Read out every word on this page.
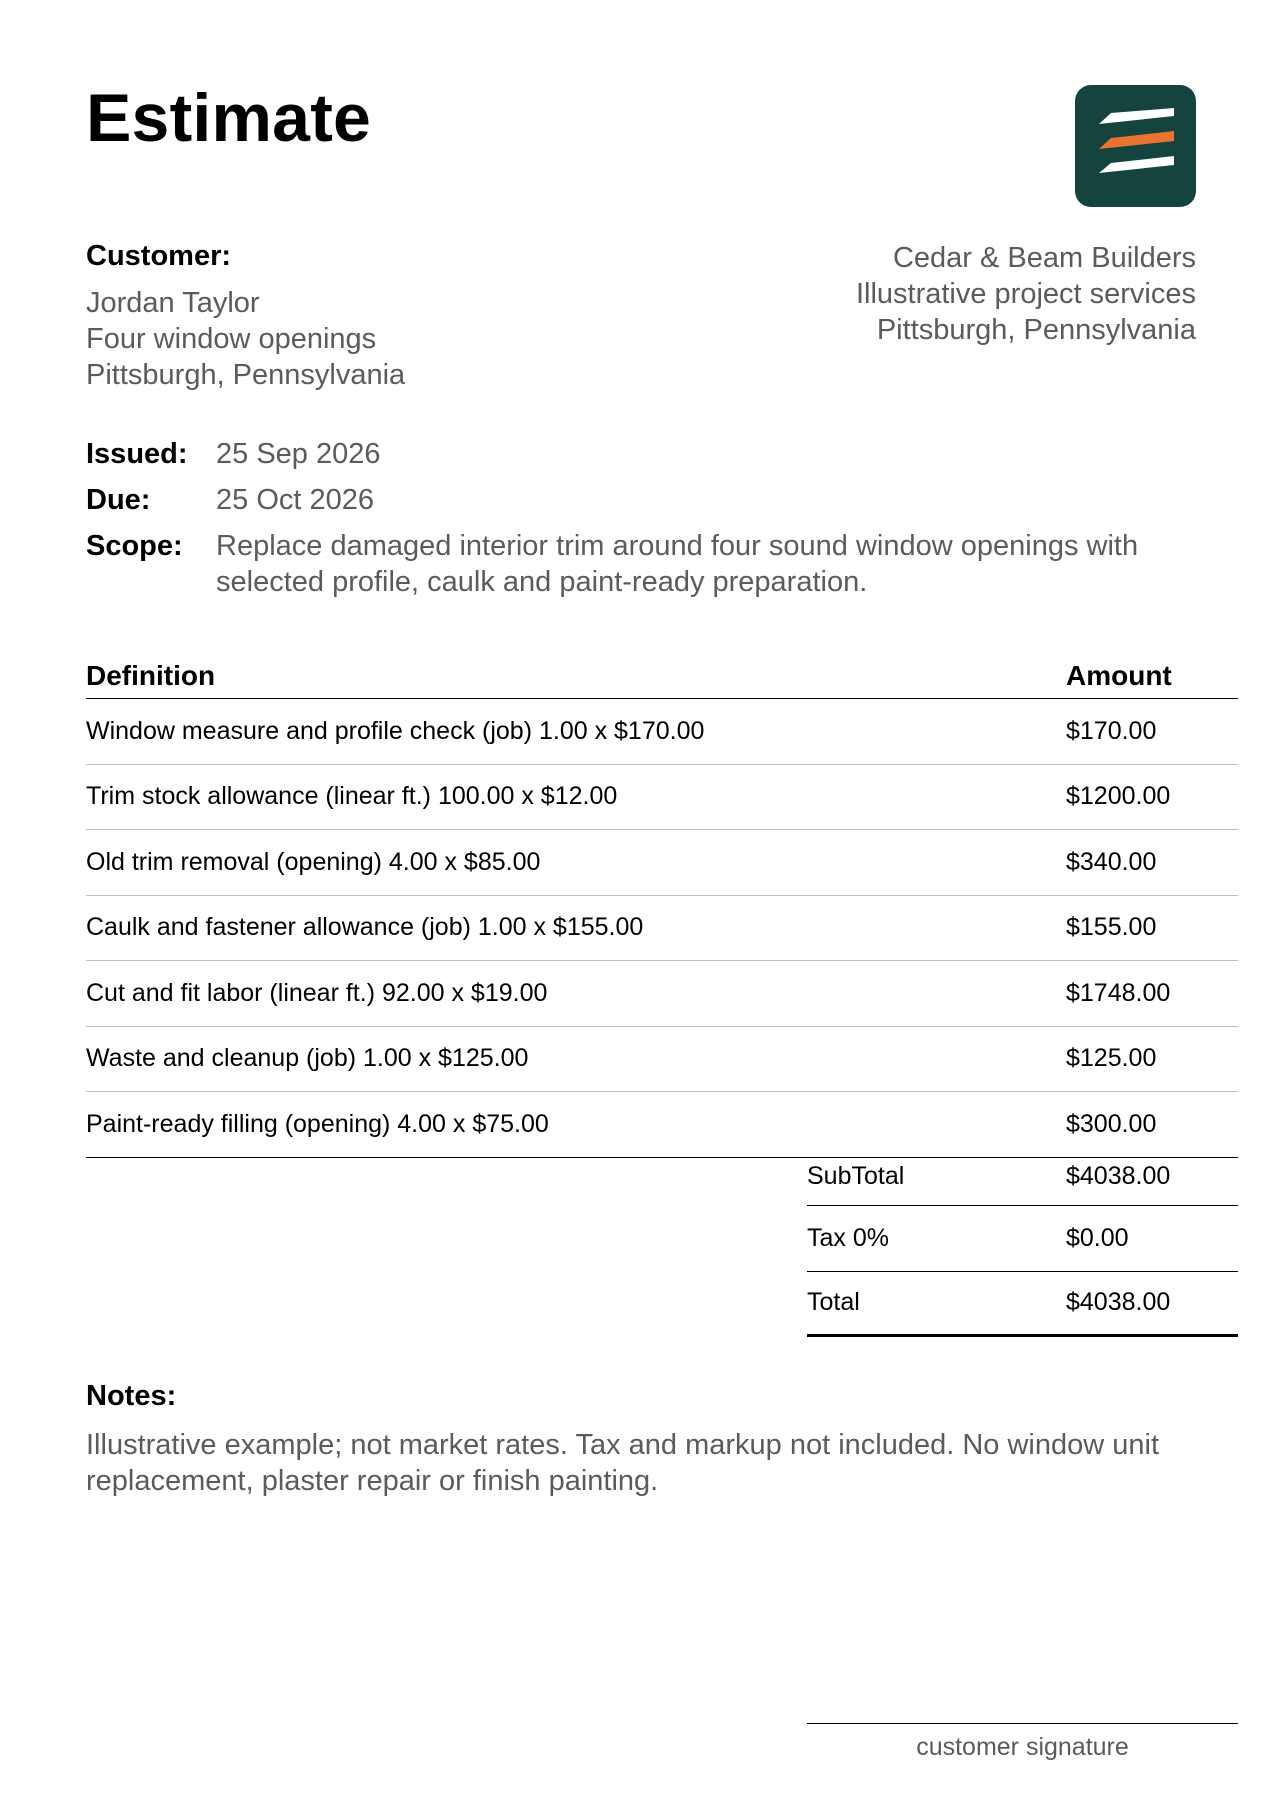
Estimate
Customer:
Jordan Taylor
Four window openings
Pittsburgh, Pennsylvania
Cedar & Beam Builders
Illustrative project services
Pittsburgh, Pennsylvania
Issued: 25 Sep 2026
Due:	25 Oct 2026
Scope:	Replace damaged interior trim around four sound window openings with selected profile, caulk and paint-ready preparation.
Definition	Amount
Window measure and profile check (job) 1.00 x $170.00	$170.00
Trim stock allowance (linear ft.) 100.00 x $12.00	$1200.00
Old trim removal (opening) 4.00 x $85.00	$340.00
Caulk and fastener allowance (job) 1.00 x $155.00	$155.00
Cut and fit labor (linear ft.) 92.00 x $19.00	$1748.00
Waste and cleanup (job) 1.00 x $125.00	$125.00
Paint-ready filling (opening) 4.00 x $75.00	$300.00
SubTotal	$4038.00
Tax 0%	$0.00
Total	$4038.00
Notes:
Illustrative example; not market rates. Tax and markup not included. No window unit replacement, plaster repair or finish painting.
customer signature
